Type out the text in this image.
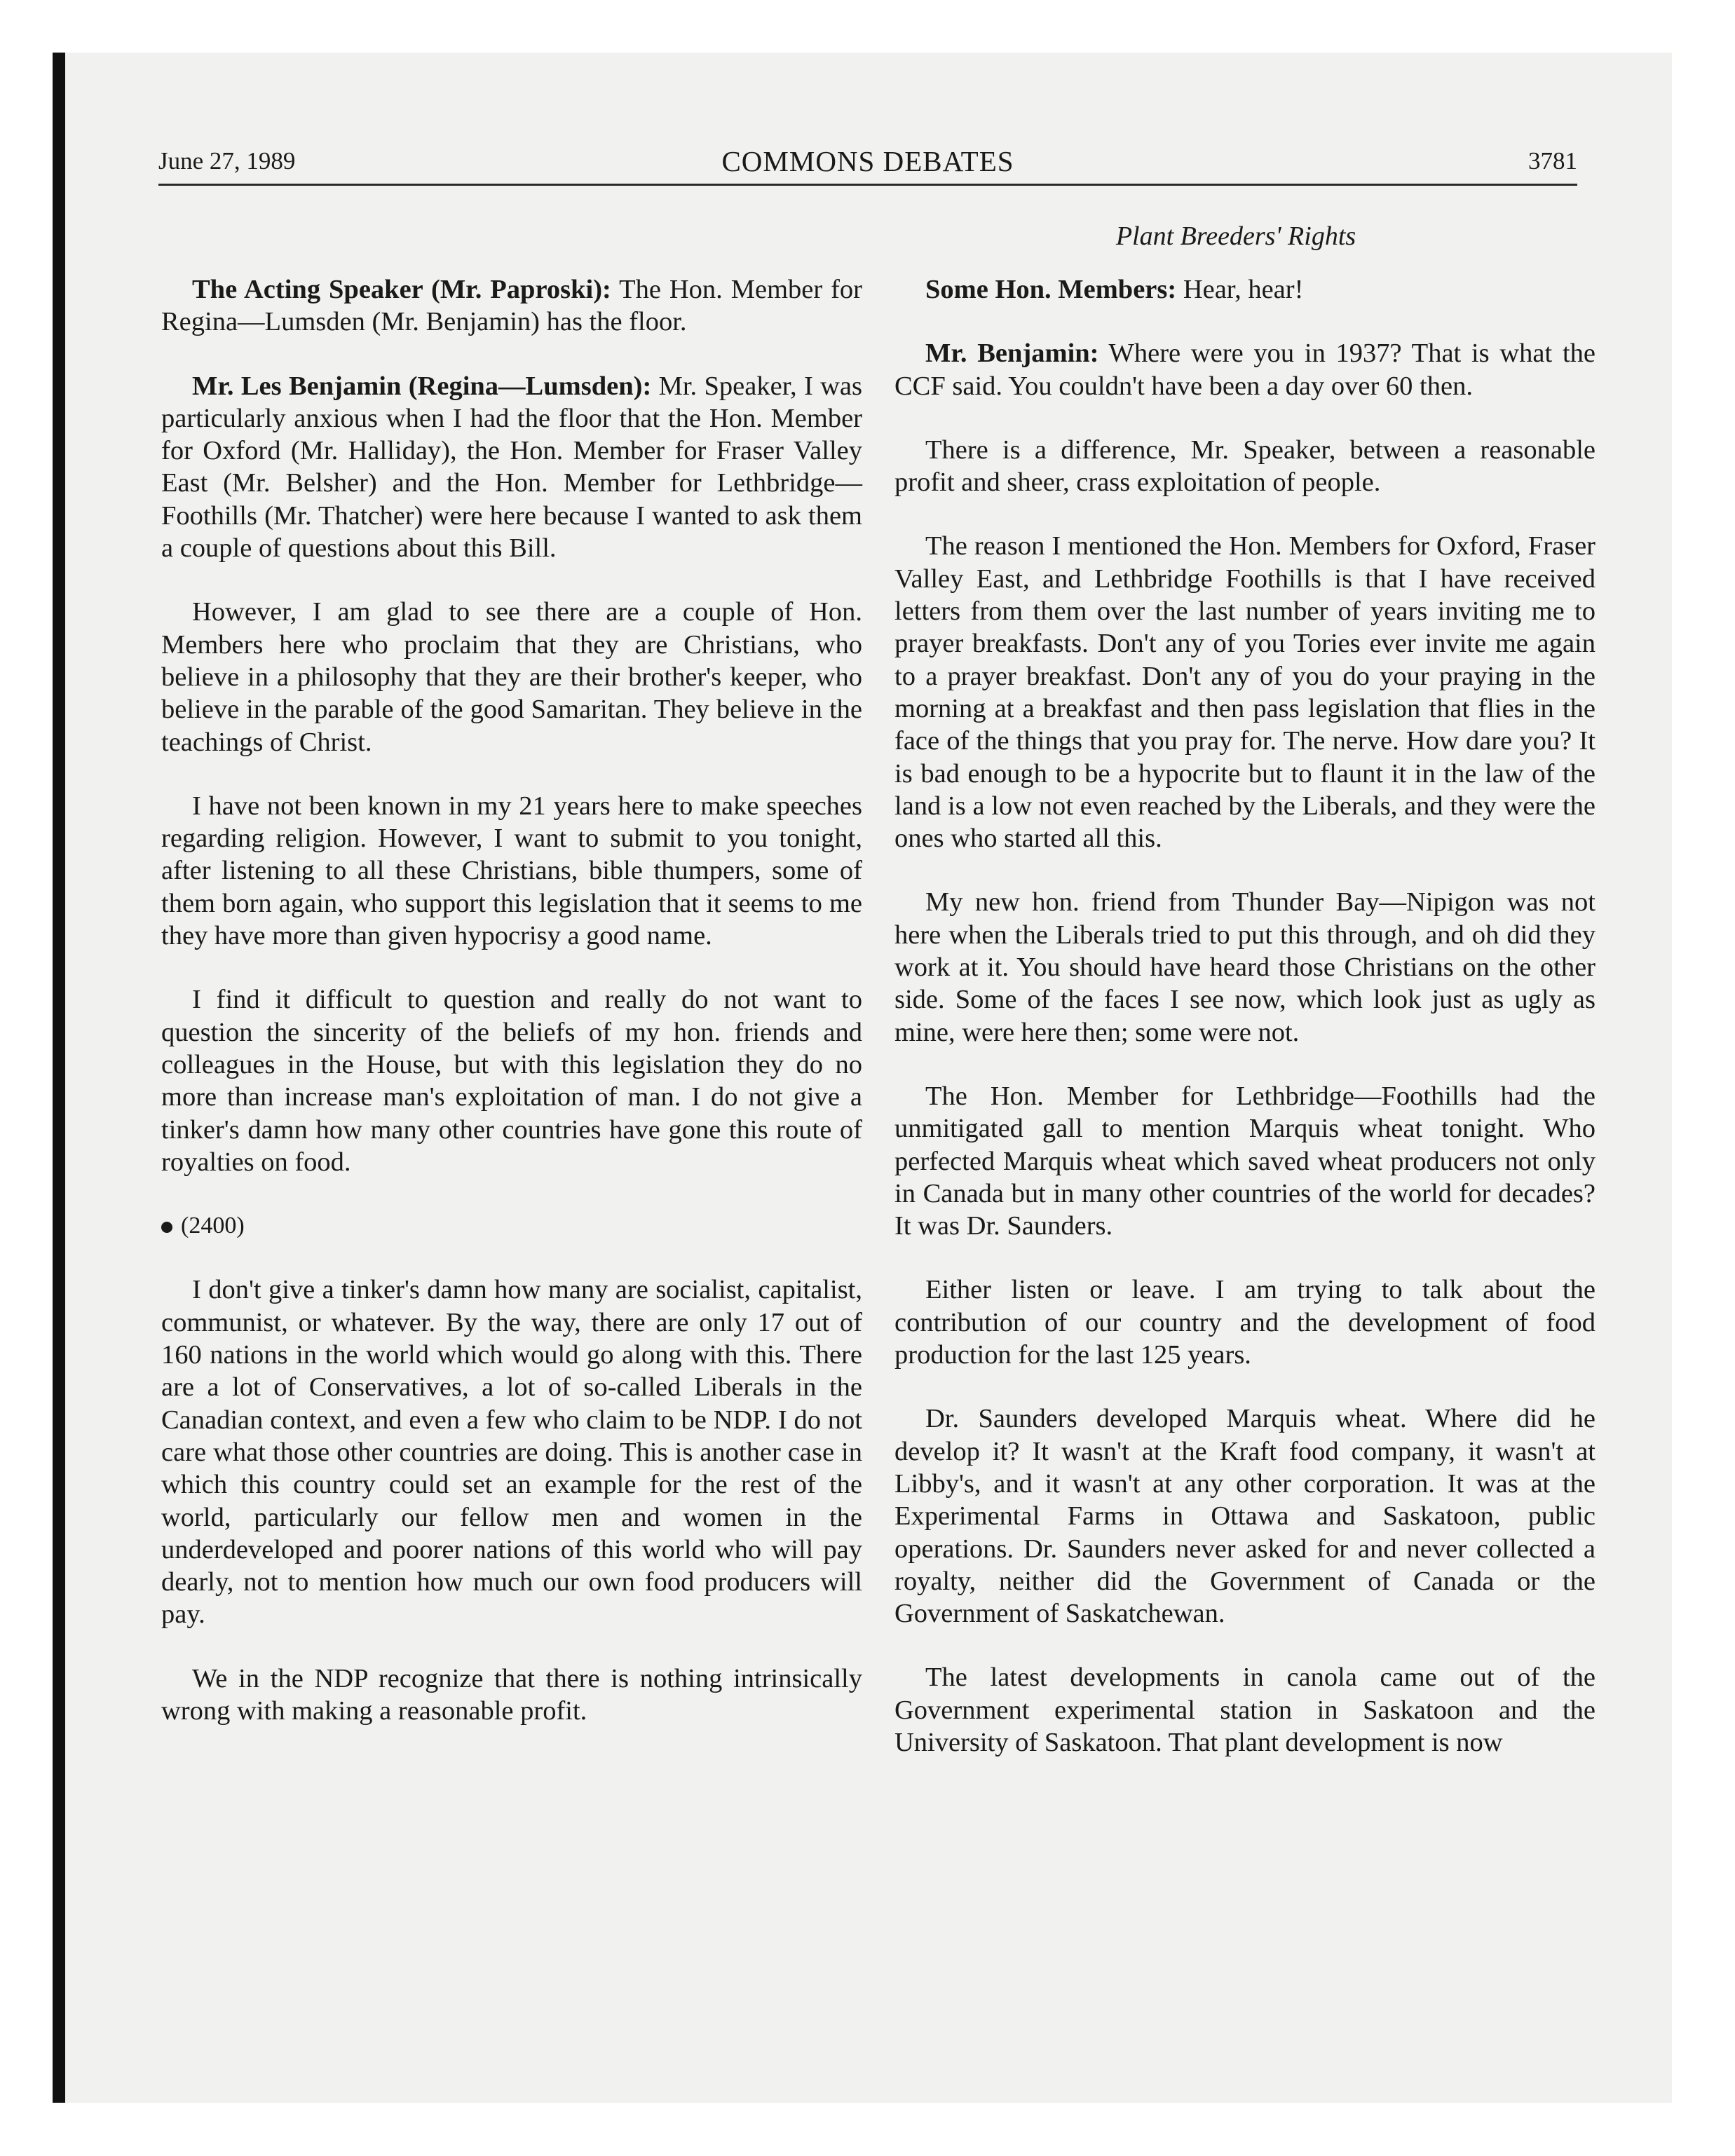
June 27, 1989	COMMONS DEBATES	3781
Plant Breeders' Rights

The Acting Speaker (Mr. Paproski): The Hon. Member for Regina—Lumsden (Mr. Benjamin) has the floor.

Mr. Les Benjamin (Regina—Lumsden): Mr. Speaker, I was particularly anxious when I had the floor that the Hon. Member for Oxford (Mr. Halliday), the Hon. Member for Fraser Valley East (Mr. Belsher) and the Hon. Member for Lethbridge—Foothills (Mr. Thatcher) were here because I wanted to ask them a couple of questions about this Bill.

However, I am glad to see there are a couple of Hon. Members here who proclaim that they are Christians, who believe in a philosophy that they are their brother's keeper, who believe in the parable of the good Samaritan. They believe in the teachings of Christ.

I have not been known in my 21 years here to make speeches regarding religion. However, I want to submit to you tonight, after listening to all these Christians, bible thumpers, some of them born again, who support this legislation that it seems to me they have more than given hypocrisy a good name.

I find it difficult to question and really do not want to question the sincerity of the beliefs of my hon. friends and colleagues in the House, but with this legislation they do no more than increase man's exploitation of man. I do not give a tinker's damn how many other countries have gone this route of royalties on food.

(2400)

I don't give a tinker's damn how many are socialist, capitalist, communist, or whatever. By the way, there are only 17 out of 160 nations in the world which would go along with this. There are a lot of Conservatives, a lot of so-called Liberals in the Canadian context, and even a few who claim to be NDP. I do not care what those other countries are doing. This is another case in which this country could set an example for the rest of the world, particularly our fellow men and women in the underdeveloped and poorer nations of this world who will pay dearly, not to mention how much our own food producers will pay.

We in the NDP recognize that there is nothing intrinsically wrong with making a reasonable profit.

Some Hon. Members: Hear, hear!

Mr. Benjamin: Where were you in 1937? That is what the CCF said. You couldn't have been a day over 60 then.

There is a difference, Mr. Speaker, between a reasonable profit and sheer, crass exploitation of people.

The reason I mentioned the Hon. Members for Oxford, Fraser Valley East, and Lethbridge Foothills is that I have received letters from them over the last number of years inviting me to prayer breakfasts. Don't any of you Tories ever invite me again to a prayer breakfast. Don't any of you do your praying in the morning at a breakfast and then pass legislation that flies in the face of the things that you pray for. The nerve. How dare you? It is bad enough to be a hypocrite but to flaunt it in the law of the land is a low not even reached by the Liberals, and they were the ones who started all this.

My new hon. friend from Thunder Bay—Nipigon was not here when the Liberals tried to put this through, and oh did they work at it. You should have heard those Christians on the other side. Some of the faces I see now, which look just as ugly as mine, were here then; some were not.

The Hon. Member for Lethbridge—Foothills had the unmitigated gall to mention Marquis wheat tonight. Who perfected Marquis wheat which saved wheat producers not only in Canada but in many other countries of the world for decades? It was Dr. Saunders.

Either listen or leave. I am trying to talk about the contribution of our country and the development of food production for the last 125 years.

Dr. Saunders developed Marquis wheat. Where did he develop it? It wasn't at the Kraft food company, it wasn't at Libby's, and it wasn't at any other corporation. It was at the Experimental Farms in Ottawa and Saskatoon, public operations. Dr. Saunders never asked for and never collected a royalty, neither did the Government of Canada or the Government of Saskatchewan.

The latest developments in canola came out of the Government experimental station in Saskatoon and the University of Saskatoon. That plant development is now
